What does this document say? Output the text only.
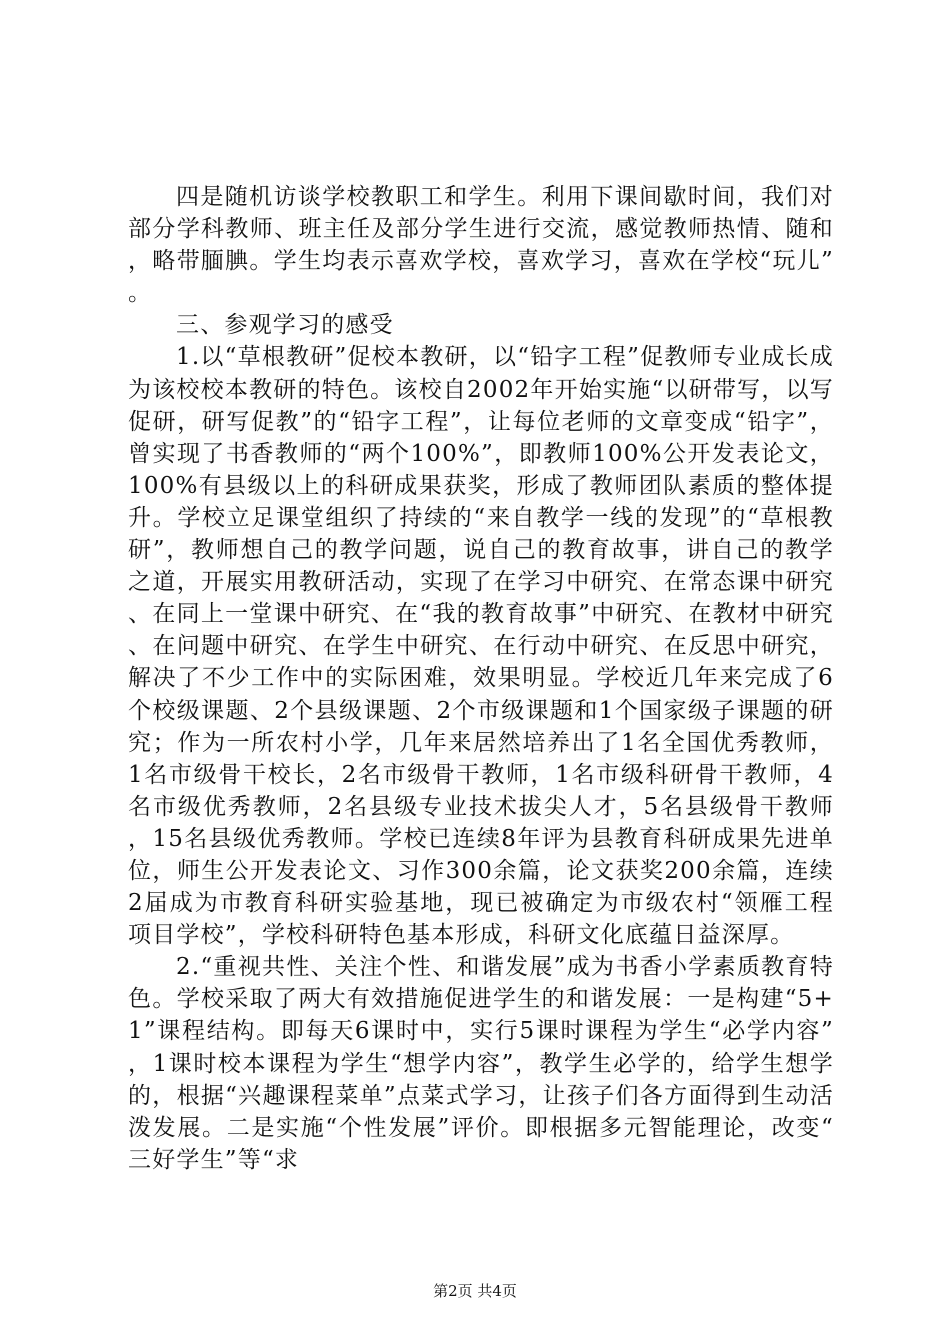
四是随机访谈学校教职工和学生。利用下课间歇时间，我们对部分学科教师、班主任及部分学生进行交流，感觉教师热情、随和，略带腼腆。学生均表示喜欢学校，喜欢学习，喜欢在学校“玩儿”。

三、参观学习的感受

1.以“草根教研”促校本教研，以“铅字工程”促教师专业成长成为该校校本教研的特色。该校自2002年开始实施“以研带写，以写促研，研写促教”的“铅字工程”，让每位老师的文章变成“铅字”，曾实现了书香教师的“两个100%”，即教师100%公开发表论文，100%有县级以上的科研成果获奖，形成了教师团队素质的整体提升。学校立足课堂组织了持续的“来自教学一线的发现”的“草根教研”，教师想自己的教学问题，说自己的教育故事，讲自己的教学之道，开展实用教研活动，实现了在学习中研究、在常态课中研究、在同上一堂课中研究、在“我的教育故事”中研究、在教材中研究、在问题中研究、在学生中研究、在行动中研究、在反思中研究，解决了不少工作中的实际困难，效果明显。学校近几年来完成了6个校级课题、2个县级课题、2个市级课题和1个国家级子课题的研究；作为一所农村小学，几年来居然培养出了1名全国优秀教师，1名市级骨干校长，2名市级骨干教师，1名市级科研骨干教师，4名市级优秀教师，2名县级专业技术拔尖人才，5名县级骨干教师，15名县级优秀教师。学校已连续8年评为县教育科研成果先进单位，师生公开发表论文、习作300余篇，论文获奖200余篇，连续2届成为市教育科研实验基地，现已被确定为市级农村“领雁工程项目学校”，学校科研特色基本形成，科研文化底蕴日益深厚。

2.“重视共性、关注个性、和谐发展”成为书香小学素质教育特色。学校采取了两大有效措施促进学生的和谐发展：一是构建“5+1”课程结构。即每天6课时中，实行5课时课程为学生“必学内容”，1课时校本课程为学生“想学内容”，教学生必学的，给学生想学的，根据“兴趣课程菜单”点菜式学习，让孩子们各方面得到生动活泼发展。二是实施“个性发展”评价。即根据多元智能理论，改变“三好学生”等“求

第2页 共4页
